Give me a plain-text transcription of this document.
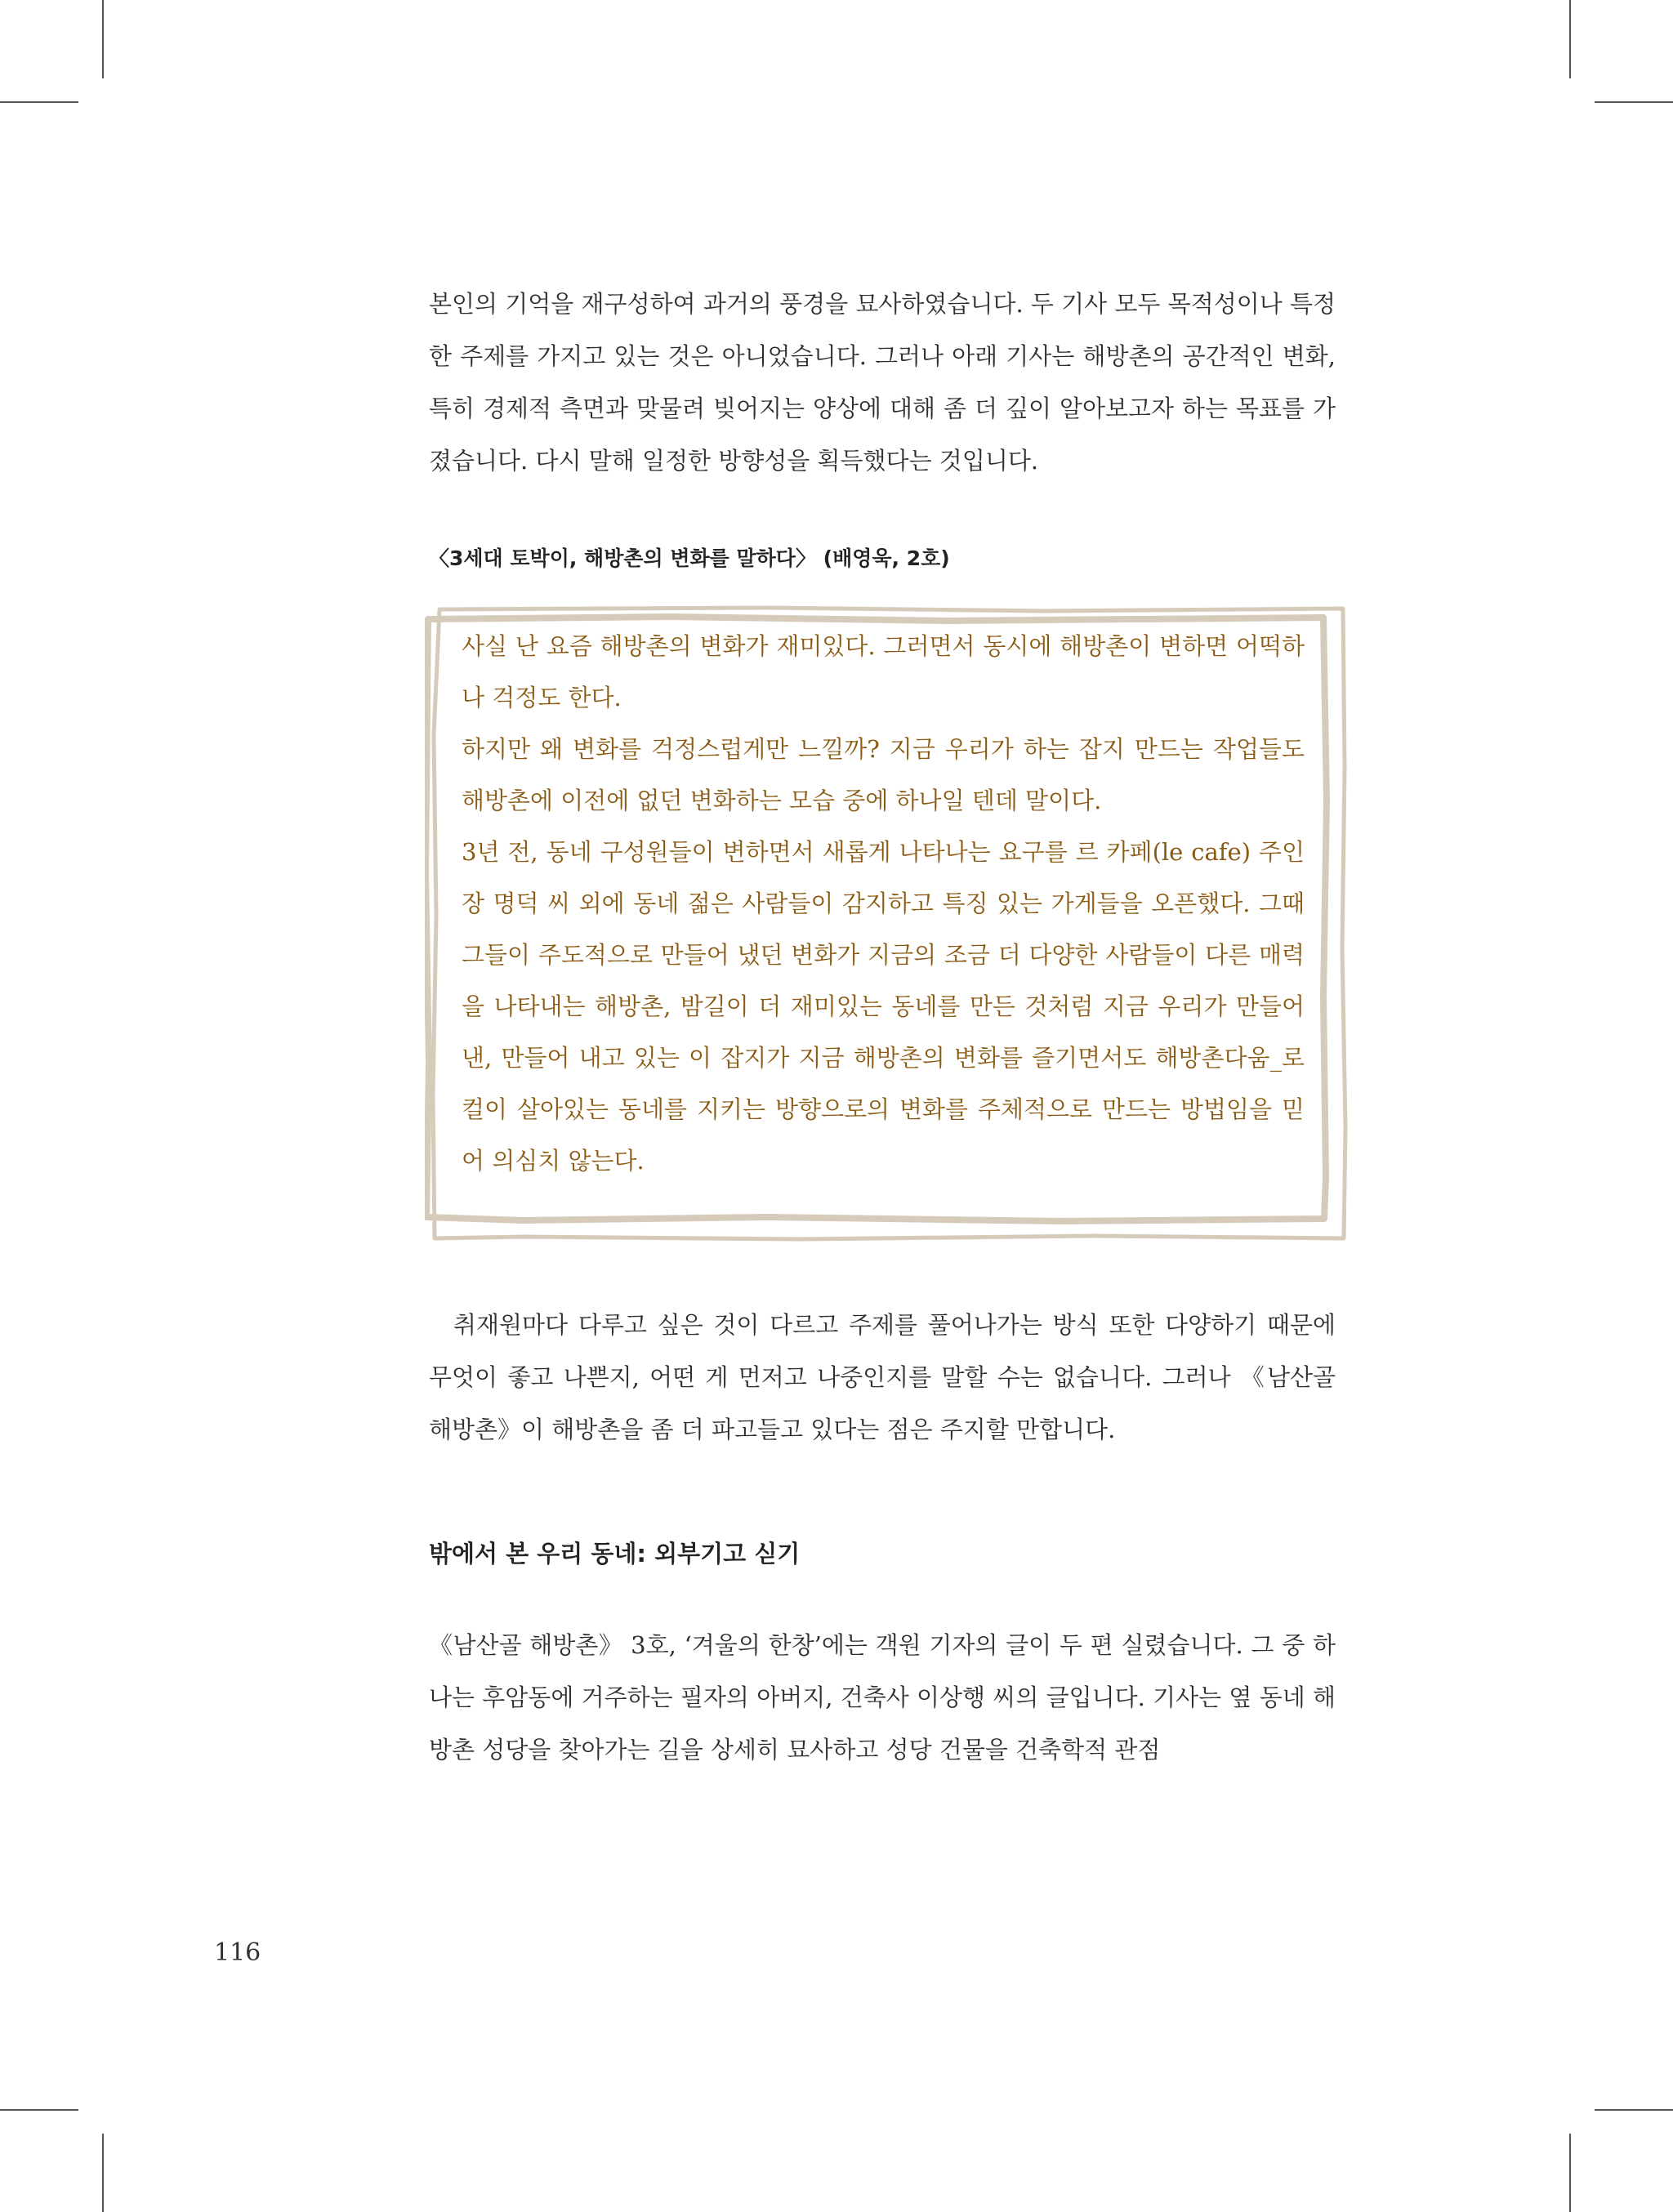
본인의 기억을 재구성하여 과거의 풍경을 묘사하였습니다. 두 기사 모두 목적성이나 특정한 주제를 가지고 있는 것은 아니었습니다. 그러나 아래 기사는 해방촌의 공간적인 변화, 특히 경제적 측면과 맞물려 빚어지는 양상에 대해 좀 더 깊이 알아보고자 하는 목표를 가졌습니다. 다시 말해 일정한 방향성을 획득했다는 것입니다.

〈3세대 토박이, 해방촌의 변화를 말하다〉 (배영욱, 2호)

사실 난 요즘 해방촌의 변화가 재미있다. 그러면서 동시에 해방촌이 변하면 어떡하나 걱정도 한다.

하지만 왜 변화를 걱정스럽게만 느낄까? 지금 우리가 하는 잡지 만드는 작업들도 해방촌에 이전에 없던 변화하는 모습 중에 하나일 텐데 말이다.

3년 전, 동네 구성원들이 변하면서 새롭게 나타나는 요구를 르 카페(le cafe) 주인장 명덕 씨 외에 동네 젊은 사람들이 감지하고 특징 있는 가게들을 오픈했다. 그때 그들이 주도적으로 만들어 냈던 변화가 지금의 조금 더 다양한 사람들이 다른 매력을 나타내는 해방촌, 밤길이 더 재미있는 동네를 만든 것처럼 지금 우리가 만들어 낸, 만들어 내고 있는 이 잡지가 지금 해방촌의 변화를 즐기면서도 해방촌다움_로컬이 살아있는 동네를 지키는 방향으로의 변화를 주체적으로 만드는 방법임을 믿어 의심치 않는다.

취재원마다 다루고 싶은 것이 다르고 주제를 풀어나가는 방식 또한 다양하기 때문에 무엇이 좋고 나쁜지, 어떤 게 먼저고 나중인지를 말할 수는 없습니다. 그러나 《남산골 해방촌》이 해방촌을 좀 더 파고들고 있다는 점은 주지할 만합니다.

밖에서 본 우리 동네: 외부기고 싣기

《남산골 해방촌》 3호, ‘겨울의 한창’에는 객원 기자의 글이 두 편 실렸습니다. 그 중 하나는 후암동에 거주하는 필자의 아버지, 건축사 이상행 씨의 글입니다. 기사는 옆 동네 해방촌 성당을 찾아가는 길을 상세히 묘사하고 성당 건물을 건축학적 관점

116
